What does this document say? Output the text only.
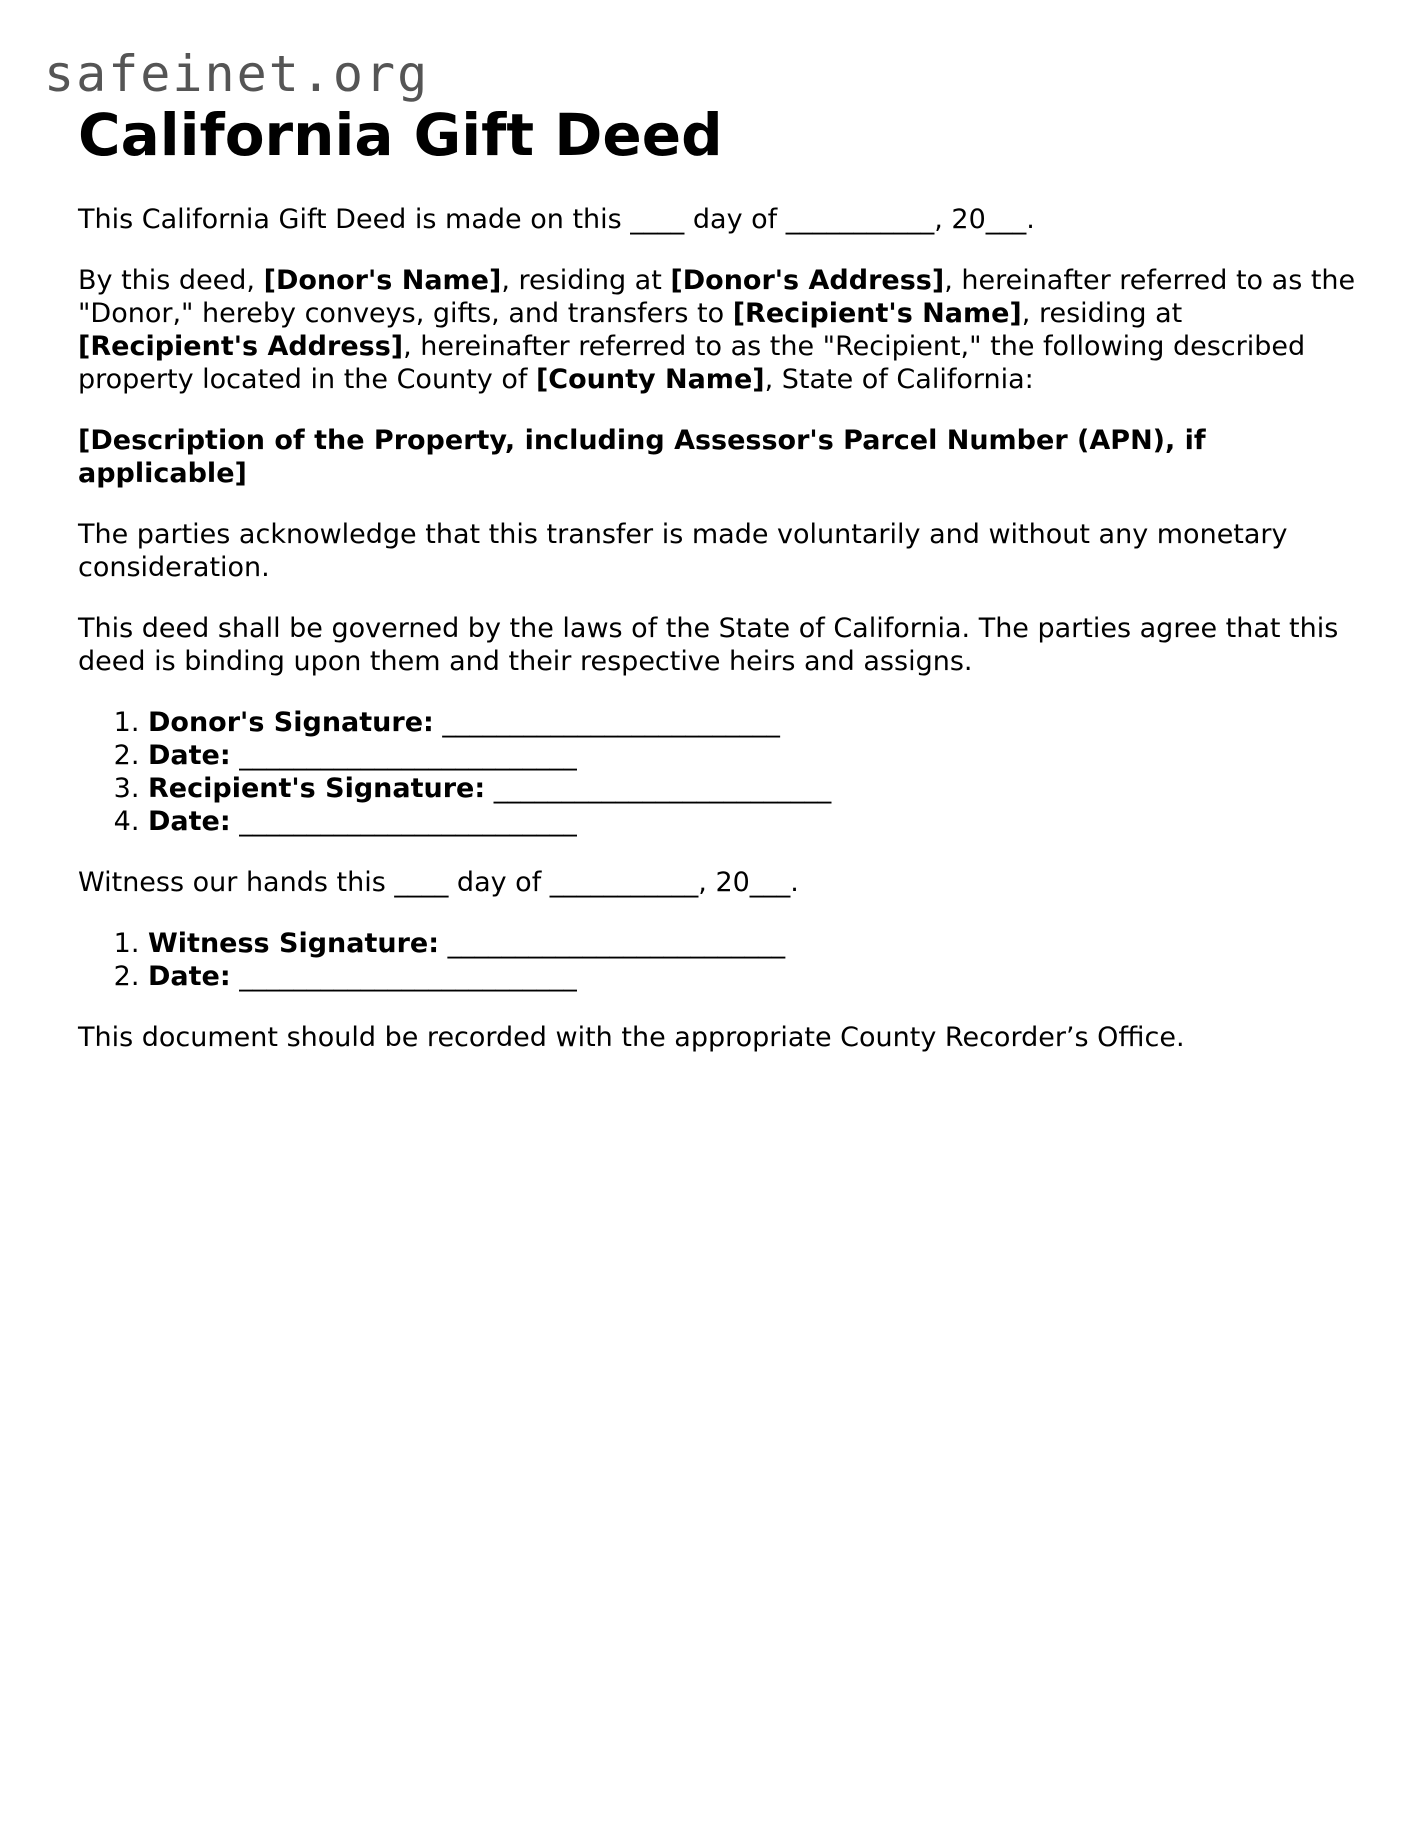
safeinet.org
California Gift Deed

This California Gift Deed is made on this ____ day of ___________, 20___.

By this deed, [Donor's Name], residing at [Donor's Address], hereinafter referred to as the "Donor," hereby conveys, gifts, and transfers to [Recipient's Name], residing at [Recipient's Address], hereinafter referred to as the "Recipient," the following described property located in the County of [County Name], State of California:

[Description of the Property, including Assessor's Parcel Number (APN), if applicable]

The parties acknowledge that this transfer is made voluntarily and without any monetary consideration.

This deed shall be governed by the laws of the State of California. The parties agree that this deed is binding upon them and their respective heirs and assigns.

1. Donor's Signature: _________________________
2. Date: _________________________
3. Recipient's Signature: _________________________
4. Date: _________________________

Witness our hands this ____ day of ___________, 20___.

1. Witness Signature: _________________________
2. Date: _________________________

This document should be recorded with the appropriate County Recorder’s Office.
